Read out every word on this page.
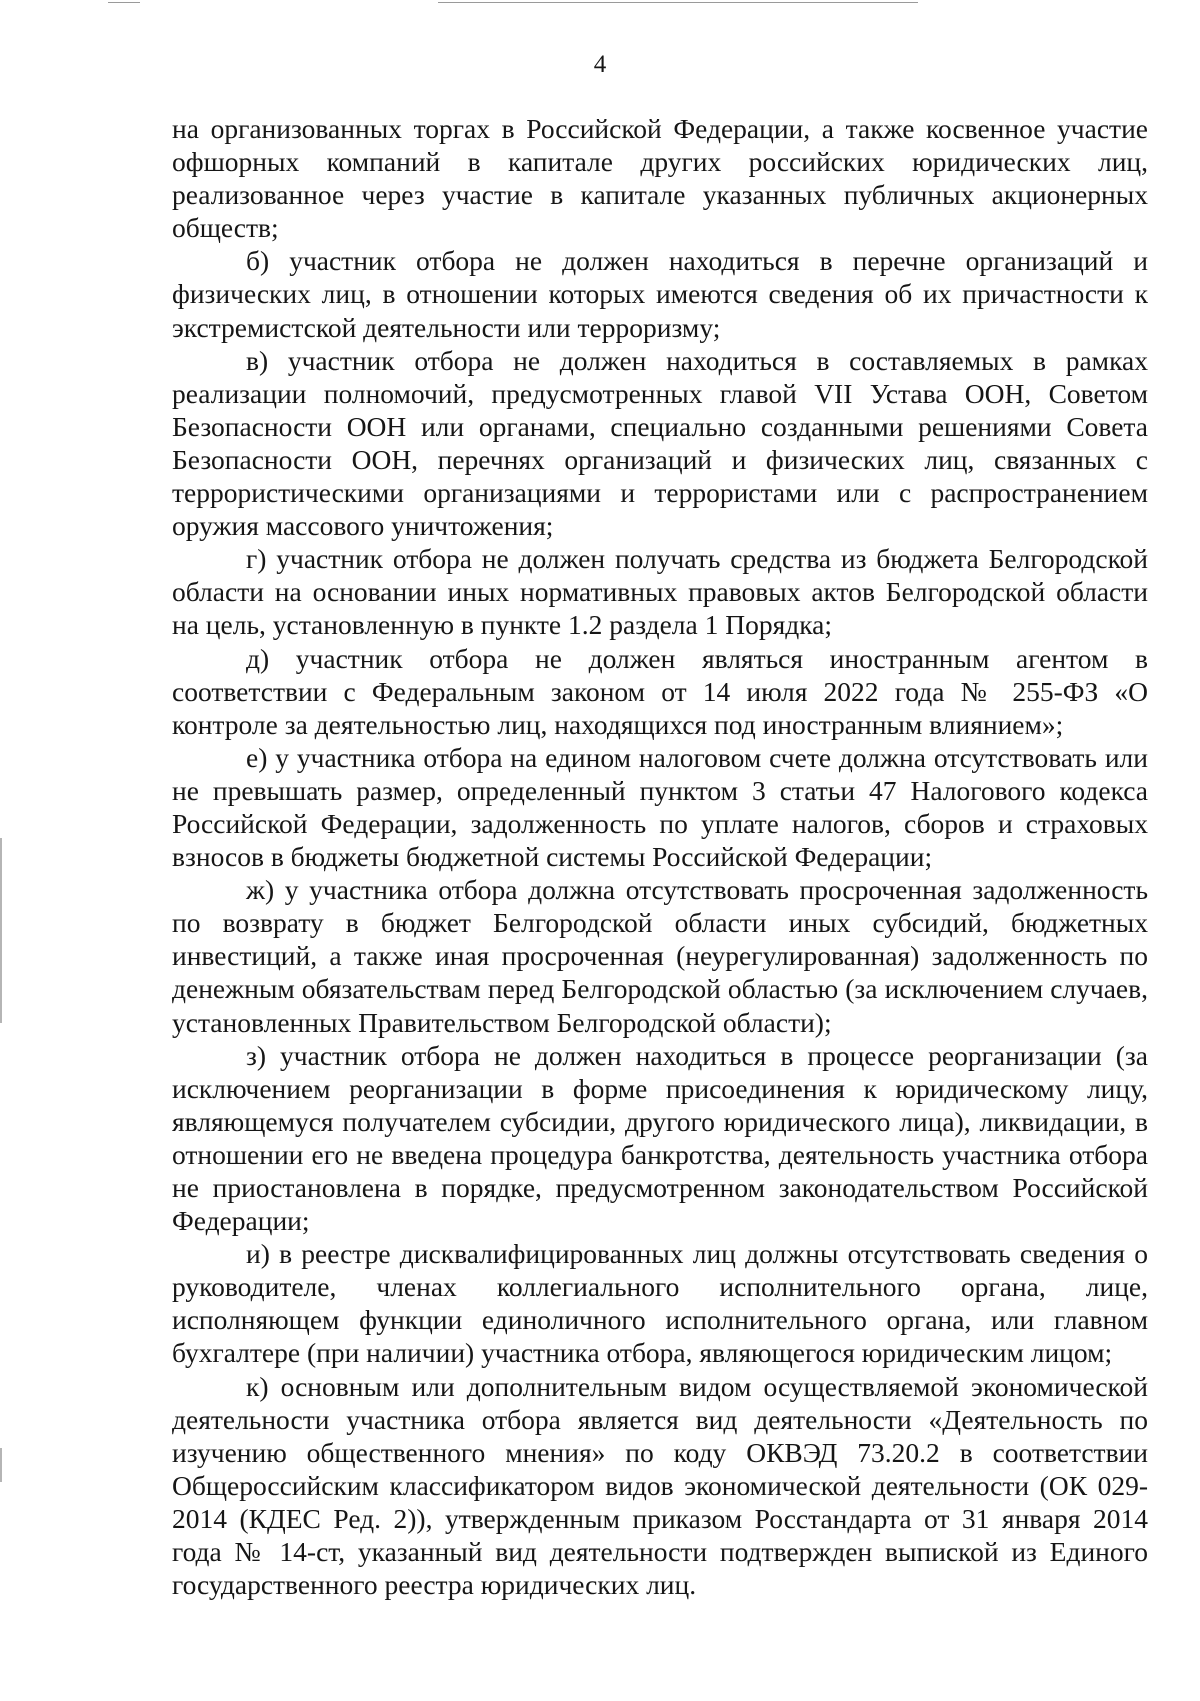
4

на организованных торгах в Российской Федерации, а также косвенное участие офшорных компаний в капитале других российских юридических лиц, реализованное через участие в капитале указанных публичных акционерных обществ;

б) участник отбора не должен находиться в перечне организаций и физических лиц, в отношении которых имеются сведения об их причастности к экстремистской деятельности или терроризму;

в) участник отбора не должен находиться в составляемых в рамках реализации полномочий, предусмотренных главой VII Устава ООН, Советом Безопасности ООН или органами, специально созданными решениями Совета Безопасности ООН, перечнях организаций и физических лиц, связанных с террористическими организациями и террористами или с распространением оружия массового уничтожения;

г) участник отбора не должен получать средства из бюджета Белгородской области на основании иных нормативных правовых актов Белгородской области на цель, установленную в пункте 1.2 раздела 1 Порядка;

д) участник отбора не должен являться иностранным агентом в соответствии с Федеральным законом от 14 июля 2022 года № 255-ФЗ «О контроле за деятельностью лиц, находящихся под иностранным влиянием»;

е) у участника отбора на едином налоговом счете должна отсутствовать или не превышать размер, определенный пунктом 3 статьи 47 Налогового кодекса Российской Федерации, задолженность по уплате налогов, сборов и страховых взносов в бюджеты бюджетной системы Российской Федерации;

ж) у участника отбора должна отсутствовать просроченная задолженность по возврату в бюджет Белгородской области иных субсидий, бюджетных инвестиций, а также иная просроченная (неурегулированная) задолженность по денежным обязательствам перед Белгородской областью (за исключением случаев, установленных Правительством Белгородской области);

з) участник отбора не должен находиться в процессе реорганизации (за исключением реорганизации в форме присоединения к юридическому лицу, являющемуся получателем субсидии, другого юридического лица), ликвидации, в отношении его не введена процедура банкротства, деятельность участника отбора не приостановлена в порядке, предусмотренном законодательством Российской Федерации;

и) в реестре дисквалифицированных лиц должны отсутствовать сведения о руководителе, членах коллегиального исполнительного органа, лице, исполняющем функции единоличного исполнительного органа, или главном бухгалтере (при наличии) участника отбора, являющегося юридическим лицом;

к) основным или дополнительным видом осуществляемой экономической деятельности участника отбора является вид деятельности «Деятельность по изучению общественного мнения» по коду ОКВЭД 73.20.2 в соответствии Общероссийским классификатором видов экономической деятельности (ОК 029-2014 (КДЕС Ред. 2)), утвержденным приказом Росстандарта от 31 января 2014 года № 14-ст, указанный вид деятельности подтвержден выпиской из Единого государственного реестра юридических лиц.
